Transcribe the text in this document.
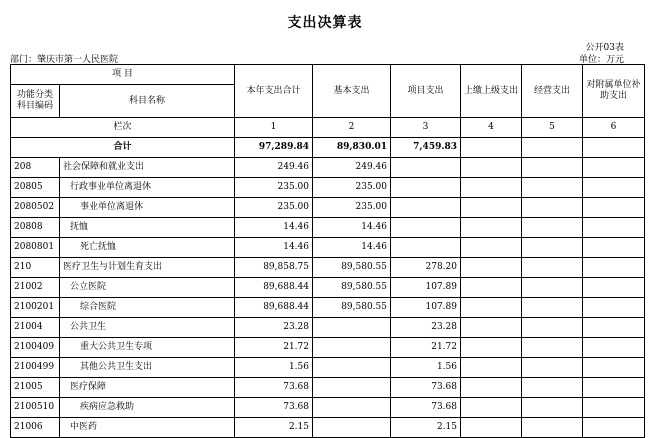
支出决算表
公开03表
部门：肇庆市第一人民医院	单位：万元
项 目		本年支出合计	基本支出	项目支出	上缴上级支出	经营支出	对附属单位补助支出
功能分类科目编码	科目名称						
栏次		1	2	3	4	5	6
合计		97,289.84	89,830.01	7,459.83			
208	社会保障和就业支出	249.46	249.46				
20805	行政事业单位离退休	235.00	235.00				
2080502	事业单位离退休	235.00	235.00				
20808	抚恤	14.46	14.46				
2080801	死亡抚恤	14.46	14.46				
210	医疗卫生与计划生育支出	89,858.75	89,580.55	278.20			
21002	公立医院	89,688.44	89,580.55	107.89			
2100201	综合医院	89,688.44	89,580.55	107.89			
21004	公共卫生	23.28		23.28			
2100409	重大公共卫生专项	21.72		21.72			
2100499	其他公共卫生支出	1.56		1.56			
21005	医疗保障	73.68		73.68			
2100510	疾病应急救助	73.68		73.68			
21006	中医药	2.15		2.15			
